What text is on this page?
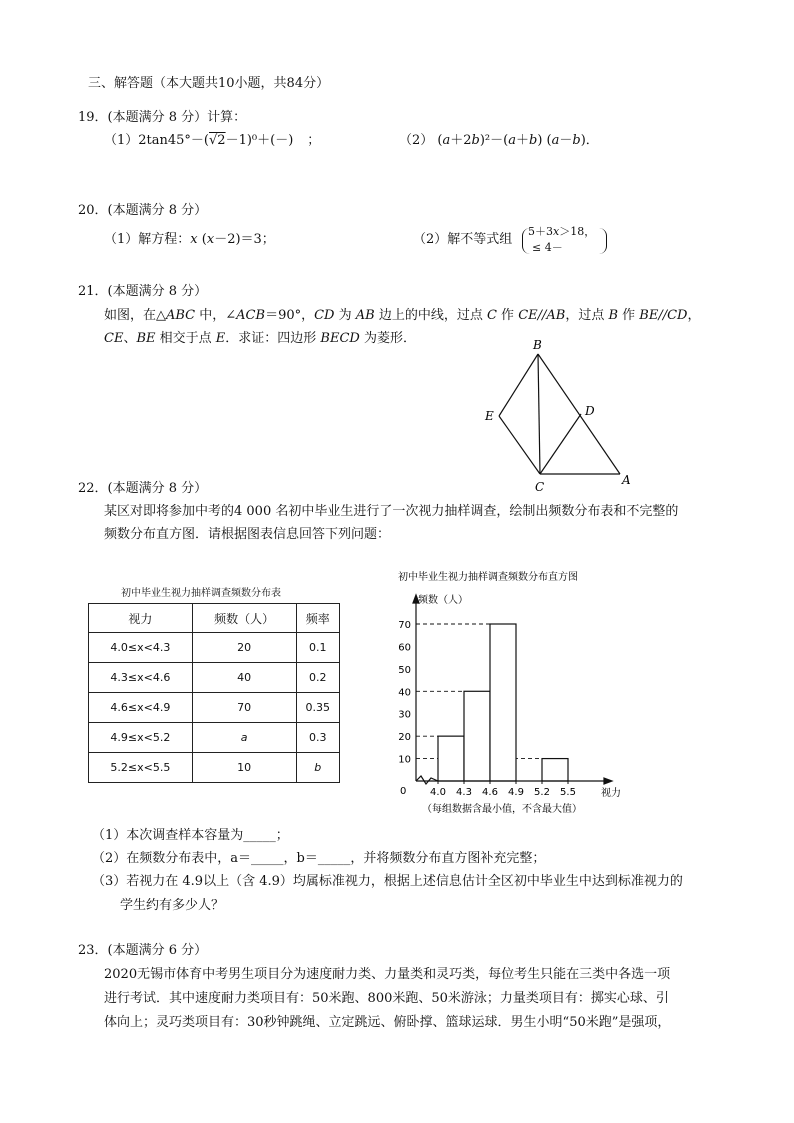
三、解答题（本大题共10小题，共84分）
19．(本题满分 8 分）计算：
（1）2tan45°－(√2－1)⁰＋(－) ；	（2） (a＋2b)²－(a＋b) (a－b)．
20．(本题满分 8 分）
（1）解方程：x (x－2)＝3；	（2）解不等式组
5＋3x＞18，
≤ 4－
21．(本题满分 8 分）
如图，在△ABC 中，∠ACB＝90°，CD 为 AB 边上的中线，过点 C 作 CE//AB，过点 B 作 BE//CD，
CE、BE 相交于点 E．求证：四边形 BECD 为菱形．	B
E	D
C	A
22．(本题满分 8 分）
某区对即将参加中考的4 000 名初中毕业生进行了一次视力抽样调查，绘制出频数分布表和不完整的
频数分布直方图．请根据图表信息回答下列问题：
初中毕业生视力抽样调查频数分布表
视力	频数（人）	频率
4.0≤x<4.3	20	0.1
4.3≤x<4.6	40	0.2
4.6≤x<4.9	70	0.35
4.9≤x<5.2	a	0.3
5.2≤x<5.5	10	b
初中毕业生视力抽样调查频数分布直方图
频数（人）
视力
0
（每组数据含最小值，不含最大值）
10
20
30
40
50
60
70
4.0 4.3 4.6 4.9 5.2 5.5
（1）本次调查样本容量为_____；
（2）在频数分布表中，a＝_____，b＝_____，并将频数分布直方图补充完整；
（3）若视力在 4.9以上（含 4.9）均属标准视力，根据上述信息估计全区初中毕业生中达到标准视力的
学生约有多少人？
23．(本题满分 6 分）
2020无锡市体育中考男生项目分为速度耐力类、力量类和灵巧类，每位考生只能在三类中各选一项
进行考试．其中速度耐力类项目有：50米跑、800米跑、50米游泳；力量类项目有：掷实心球、引
体向上；灵巧类项目有：30秒钟跳绳、立定跳远、俯卧撑、篮球运球．男生小明“50米跑”是强项，
